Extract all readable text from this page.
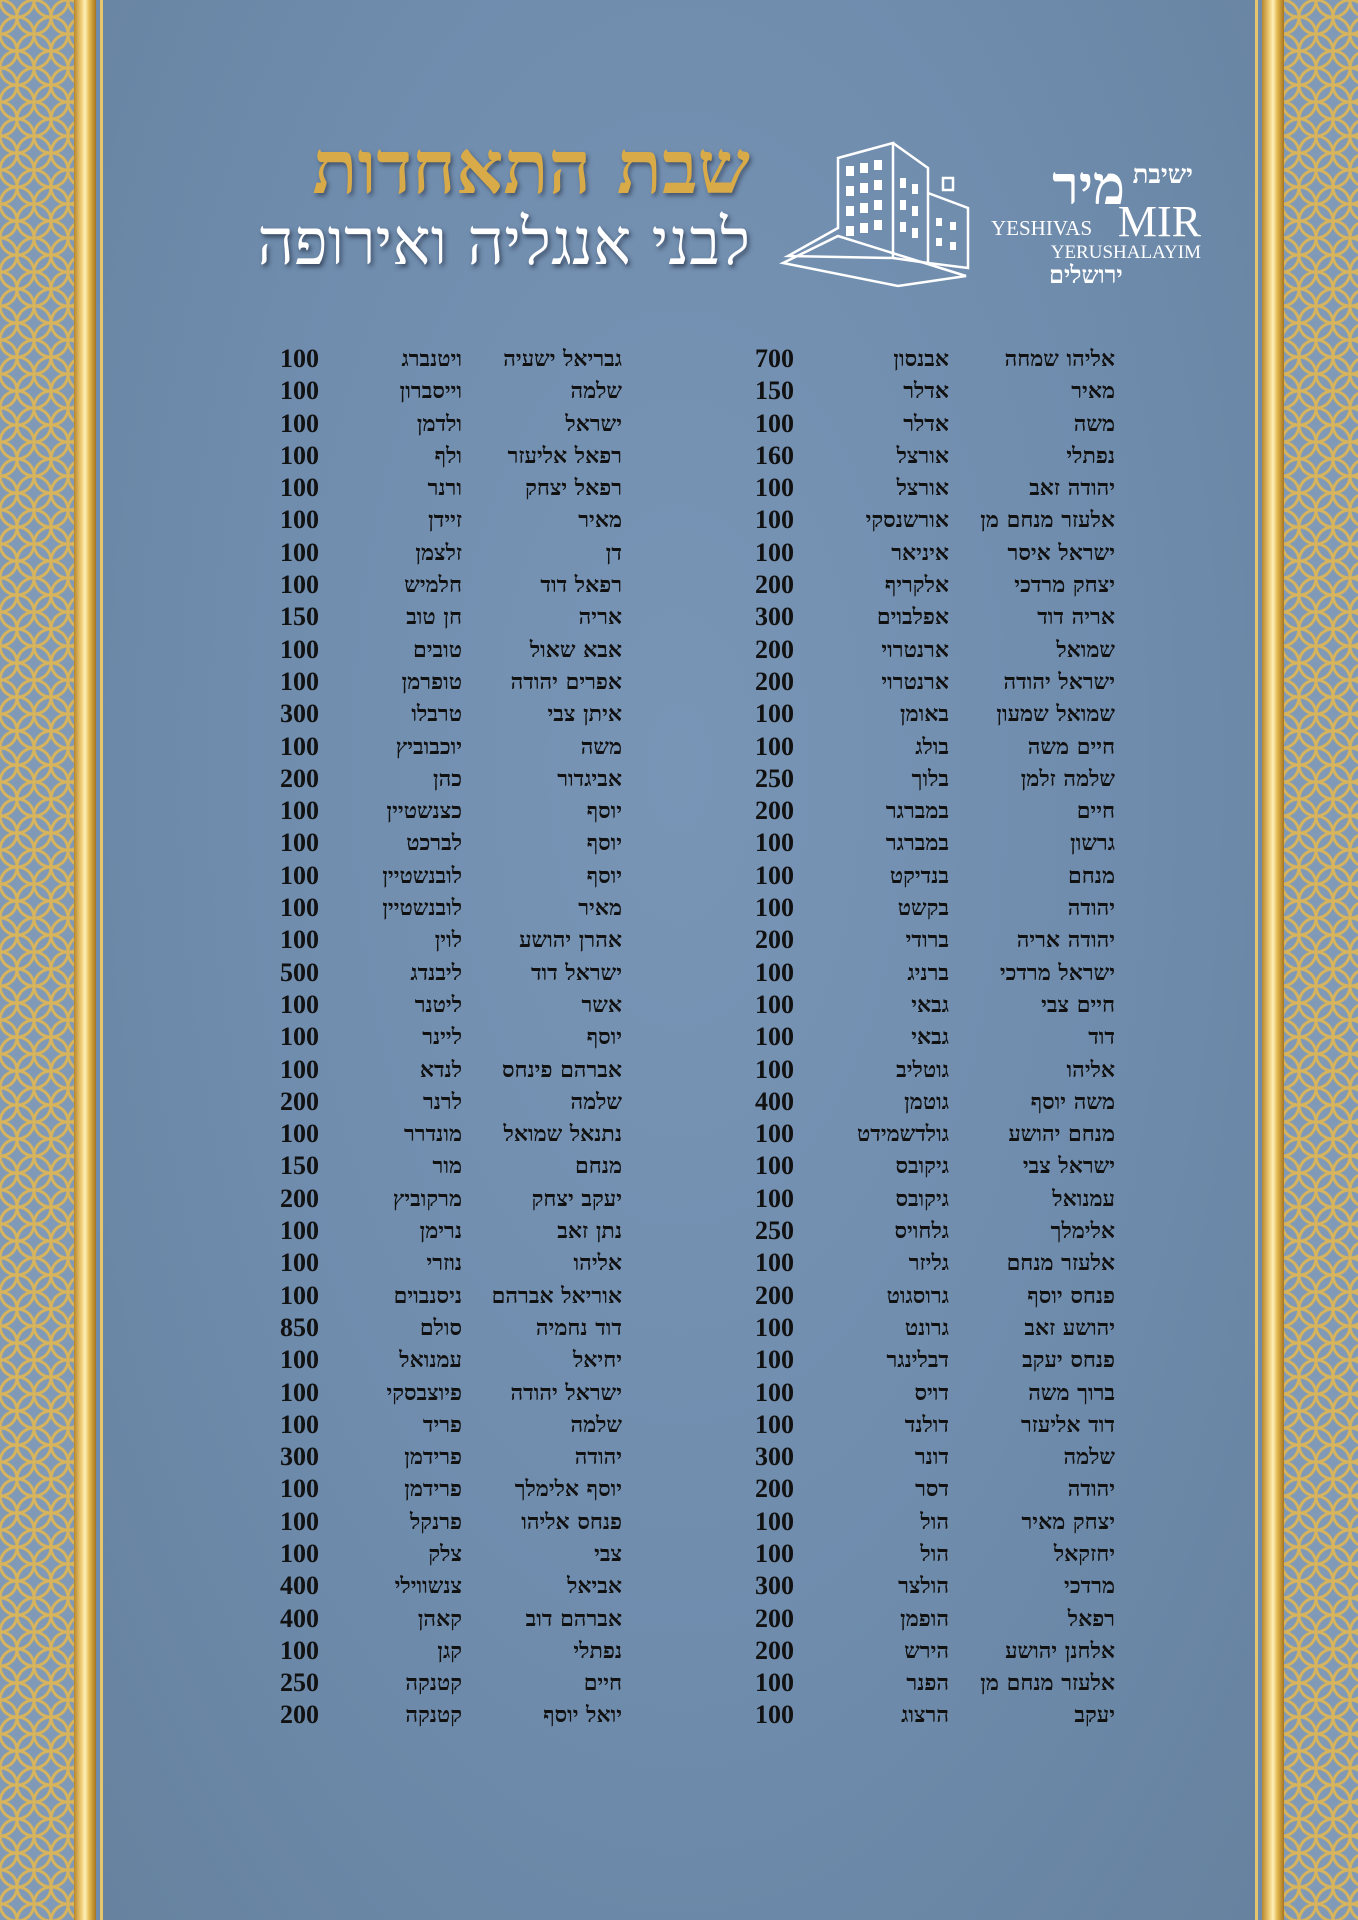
שבת התאחדות
לבני אנגליה ואירופה
ישיבת
מיר
YESHIVAS MIR
YERUSHALAYIM
ירושלים
אליהו שמחה
אבנסון
700
מאיר
אדלר
150
משה
אדלר
100
נפתלי
אורצל
160
יהודה זאב
אורצל
100
אלעזר מנחם מן
אורשנסקי
100
ישראל איסר
איניאר
100
יצחק מרדכי
אלקריף
200
אריה דוד
אפלבוים
300
שמואל
ארנטרוי
200
ישראל יהודה
ארנטרוי
200
שמואל שמעון
באומן
100
חיים משה
בולג
100
שלמה זלמן
בלוך
250
חיים
במברגר
200
גרשון
במברגר
100
מנחם
בנדיקט
100
יהודה
בקשט
100
יהודה אריה
ברודי
200
ישראל מרדכי
ברניג
100
חיים צבי
גבאי
100
דוד
גבאי
100
אליהו
גוטליב
100
משה יוסף
גוטמן
400
מנחם יהושע
גולדשמידט
100
ישראל צבי
גיקובס
100
עמנואל
גיקובס
100
אלימלך
גלחויס
250
אלעזר מנחם
גליזר
100
פנחס יוסף
גרוסגוט
200
יהושע זאב
גרונט
100
פנחס יעקב
דבלינגר
100
ברוך משה
דויס
100
דוד אליעזר
דולנד
100
שלמה
דונר
300
יהודה
דסר
200
יצחק מאיר
הול
100
יחזקאל
הול
100
מרדכי
הולצר
300
רפאל
הופמן
200
אלחנן יהושע
הירש
200
אלעזר מנחם מן
הפנר
100
יעקב
הרצוג
100
גבריאל ישעיה
ויטנברג
100
שלמה
וייסברון
100
ישראל
ולדמן
100
רפאל אליעזר
ולף
100
רפאל יצחק
ורנר
100
מאיר
זיידן
100
דן
זלצמן
100
רפאל דוד
חלמיש
100
אריה
חן טוב
150
אבא שאול
טובים
100
אפרים יהודה
טופרמן
100
איתן צבי
טרבלו
300
משה
יוכבוביץ
100
אביגדור
כהן
200
יוסף
כצנשטיין
100
יוסף
לברכט
100
יוסף
לובנשטיין
100
מאיר
לובנשטיין
100
אהרן יהושע
לוין
100
ישראל דוד
ליבנדג
500
אשר
ליטנר
100
יוסף
ליינר
100
אברהם פינחס
לנדא
100
שלמה
לרנר
200
נתנאל שמואל
מונדרר
100
מנחם
מור
150
יעקב יצחק
מרקוביץ
200
נתן זאב
נרימן
100
אליהו
נוזרי
100
אוריאל אברהם
ניסנבוים
100
דוד נחמיה
סולם
850
יחיאל
עמנואל
100
ישראל יהודה
פיוצבסקי
100
שלמה
פריד
100
יהודה
פרידמן
300
יוסף אלימלך
פרידמן
100
פנחס אליהו
פרנקל
100
צבי
צלק
100
אביאל
צנשווילי
400
אברהם דוב
קאהן
400
נפתלי
קגן
100
חיים
קטנקה
250
יואל יוסף
קטנקה
200
